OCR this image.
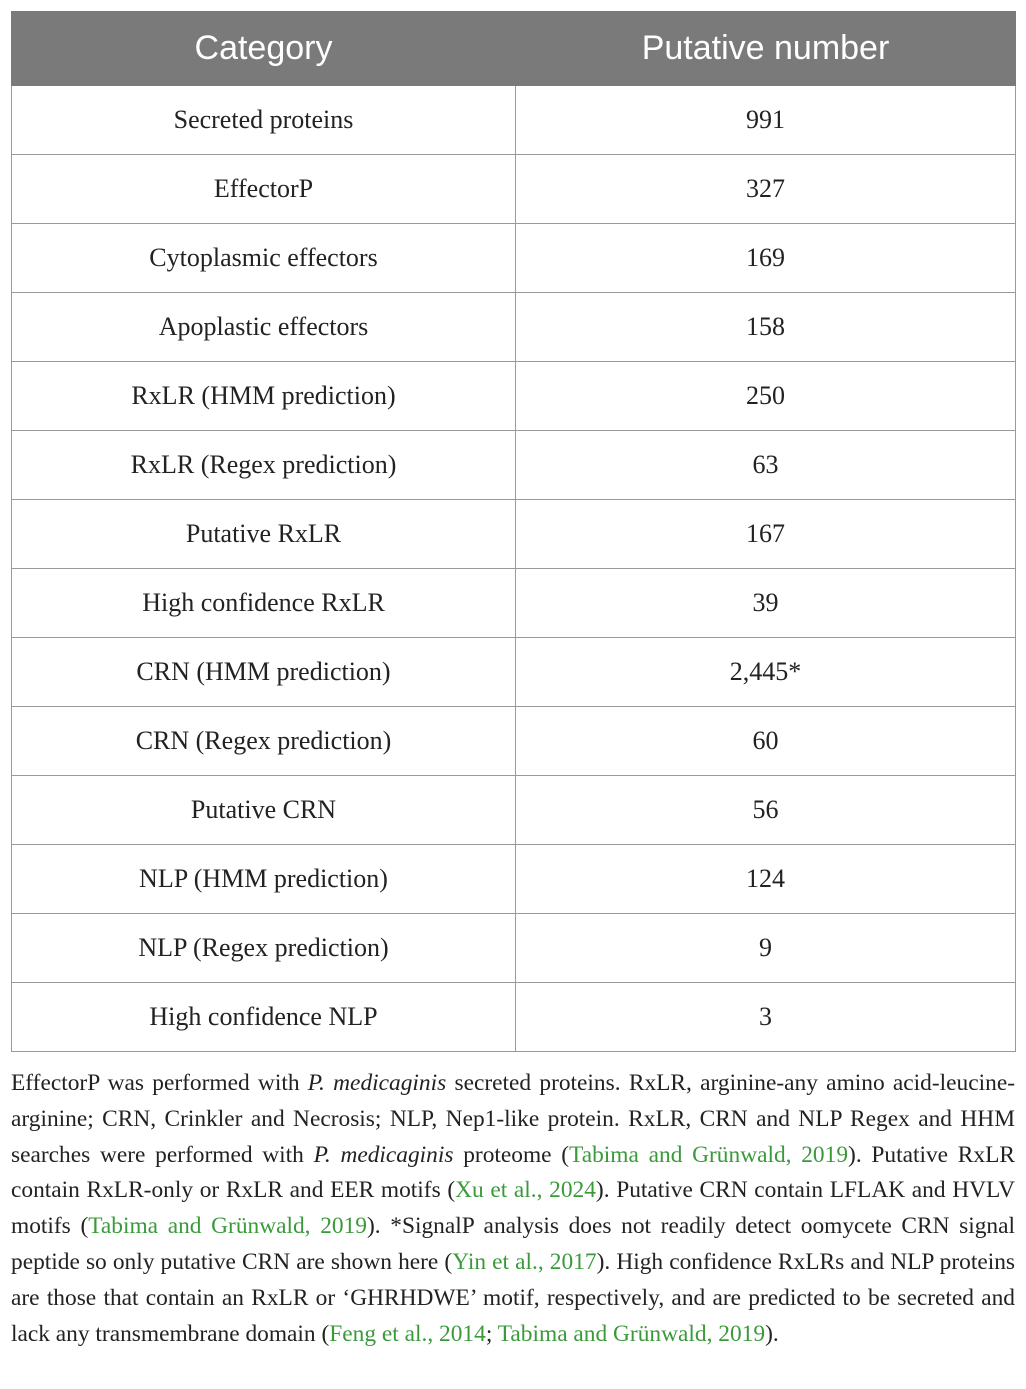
Category	Putative number
Secreted proteins	991
EffectorP	327
Cytoplasmic effectors	169
Apoplastic effectors	158
RxLR (HMM prediction)	250
RxLR (Regex prediction)	63
Putative RxLR	167
High confidence RxLR	39
CRN (HMM prediction)	2,445*
CRN (Regex prediction)	60
Putative CRN	56
NLP (HMM prediction)	124
NLP (Regex prediction)	9
High confidence NLP	3
EffectorP was performed with P. medicaginis secreted proteins. RxLR, arginine-any amino acid-leucine-arginine; CRN, Crinkler and Necrosis; NLP, Nep1-like protein. RxLR, CRN and NLP Regex and HHM searches were performed with P. medicaginis proteome (Tabima and Grünwald, 2019). Putative RxLR contain RxLR-only or RxLR and EER motifs (Xu et al., 2024). Putative CRN contain LFLAK and HVLV motifs (Tabima and Grünwald, 2019). *SignalP analysis does not readily detect oomycete CRN signal peptide so only putative CRN are shown here (Yin et al., 2017). High confidence RxLRs and NLP proteins are those that contain an RxLR or ‘GHRHDWE’ motif, respectively, and are predicted to be secreted and lack any transmembrane domain (Feng et al., 2014; Tabima and Grünwald, 2019).
